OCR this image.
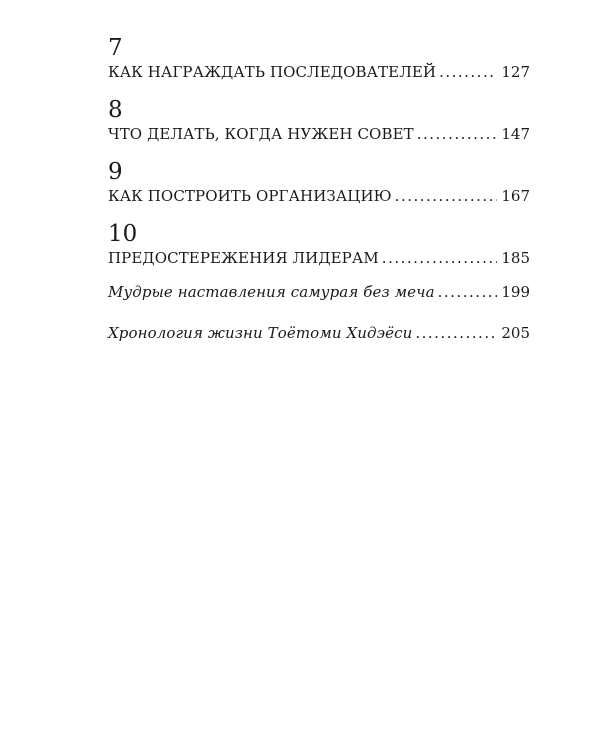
7
КАК НАГРАЖДАТЬ ПОСЛЕДОВАТЕЛЕЙ .....	127
8
ЧТО ДЕЛАТЬ, КОГДА НУЖЕН СОВЕТ .....	147
9
КАК ПОСТРОИТЬ ОРГАНИЗАЦИЮ .....	167
10
ПРЕДОСТЕРЕЖЕНИЯ ЛИДЕРАМ .....	185
Мудрые наставления самурая без меча .....	199
Хронология жизни Тоётоми Хидэёси .....	205
